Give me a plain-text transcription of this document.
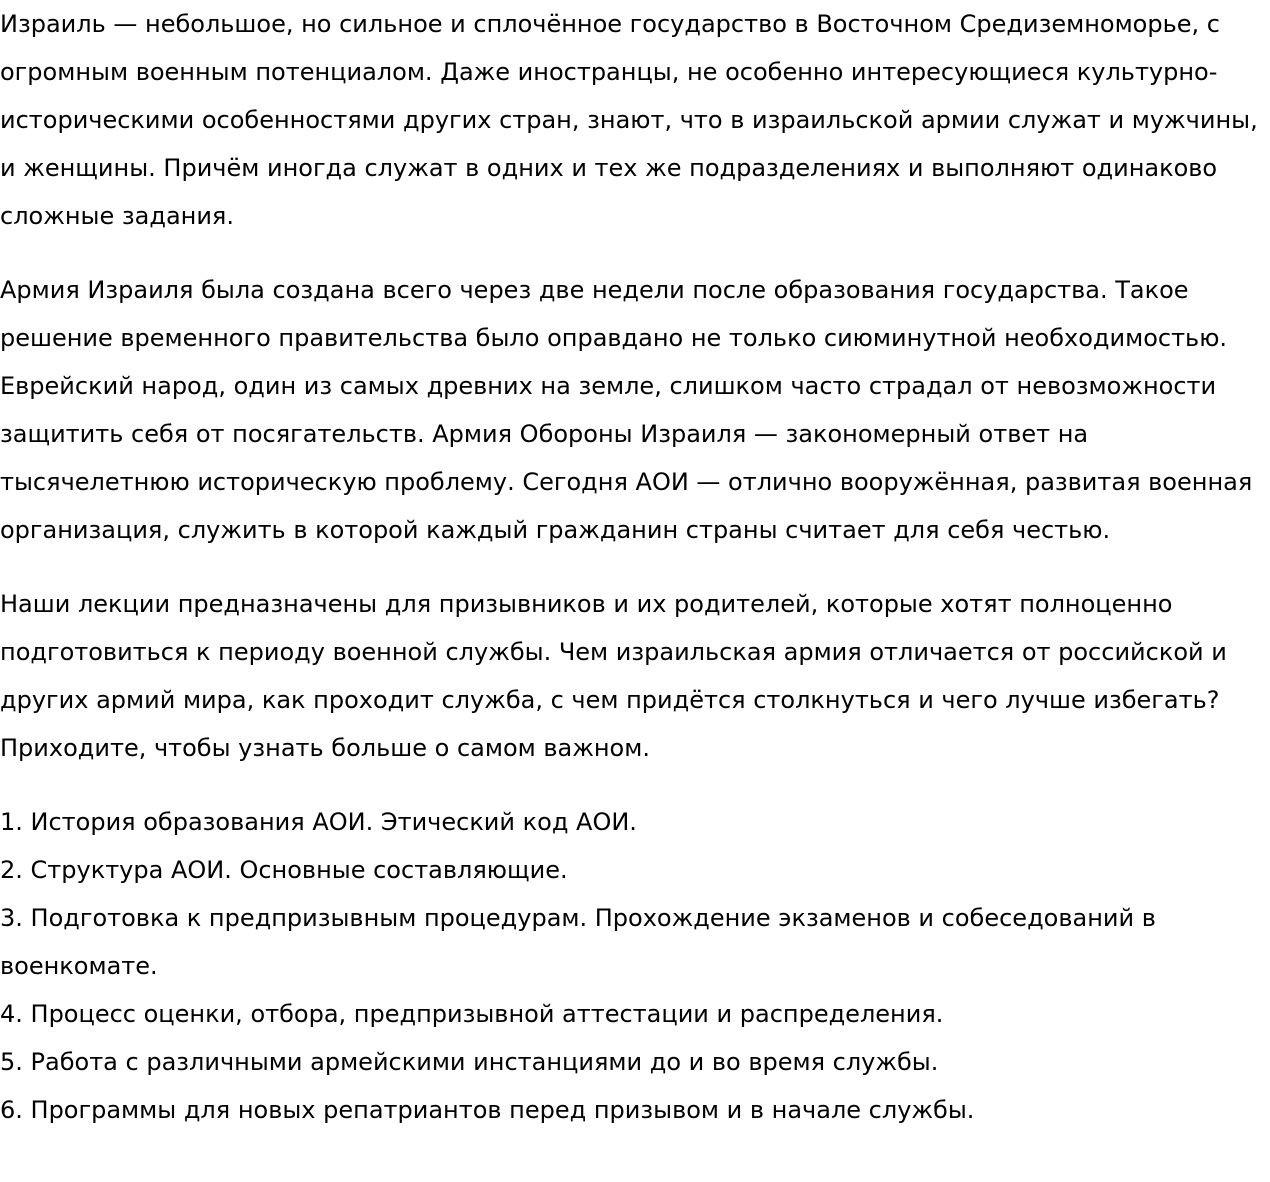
Израиль — небольшое, но сильное и сплочённое государство в Восточном Средиземноморье, с огромным военным потенциалом. Даже иностранцы, не особенно интересующиеся культурно-историческими особенностями других стран, знают, что в израильской армии служат и мужчины, и женщины. Причём иногда служат в одних и тех же подразделениях и выполняют одинаково сложные задания.

Армия Израиля была создана всего через две недели после образования государства. Такое решение временного правительства было оправдано не только сиюминутной необходимостью. Еврейский народ, один из самых древних на земле, слишком часто страдал от невозможности защитить себя от посягательств. Армия Обороны Израиля — закономерный ответ на тысячелетнюю историческую проблему. Сегодня АОИ — отлично вооружённая, развитая военная организация, служить в которой каждый гражданин страны считает для себя честью.

Наши лекции предназначены для призывников и их родителей, которые хотят полноценно подготовиться к периоду военной службы. Чем израильская армия отличается от российской и других армий мира, как проходит служба, с чем придётся столкнуться и чего лучше избегать? Приходите, чтобы узнать больше о самом важном.

1. История образования АОИ. Этический код АОИ.
2. Структура АОИ. Основные составляющие.
3. Подготовка к предпризывным процедурам. Прохождение экзаменов и собеседований в военкомате.
4. Процесс оценки, отбора, предпризывной аттестации и распределения.
5. Работа с различными армейскими инстанциями до и во время службы.
6. Программы для новых репатриантов перед призывом и в начале службы.
